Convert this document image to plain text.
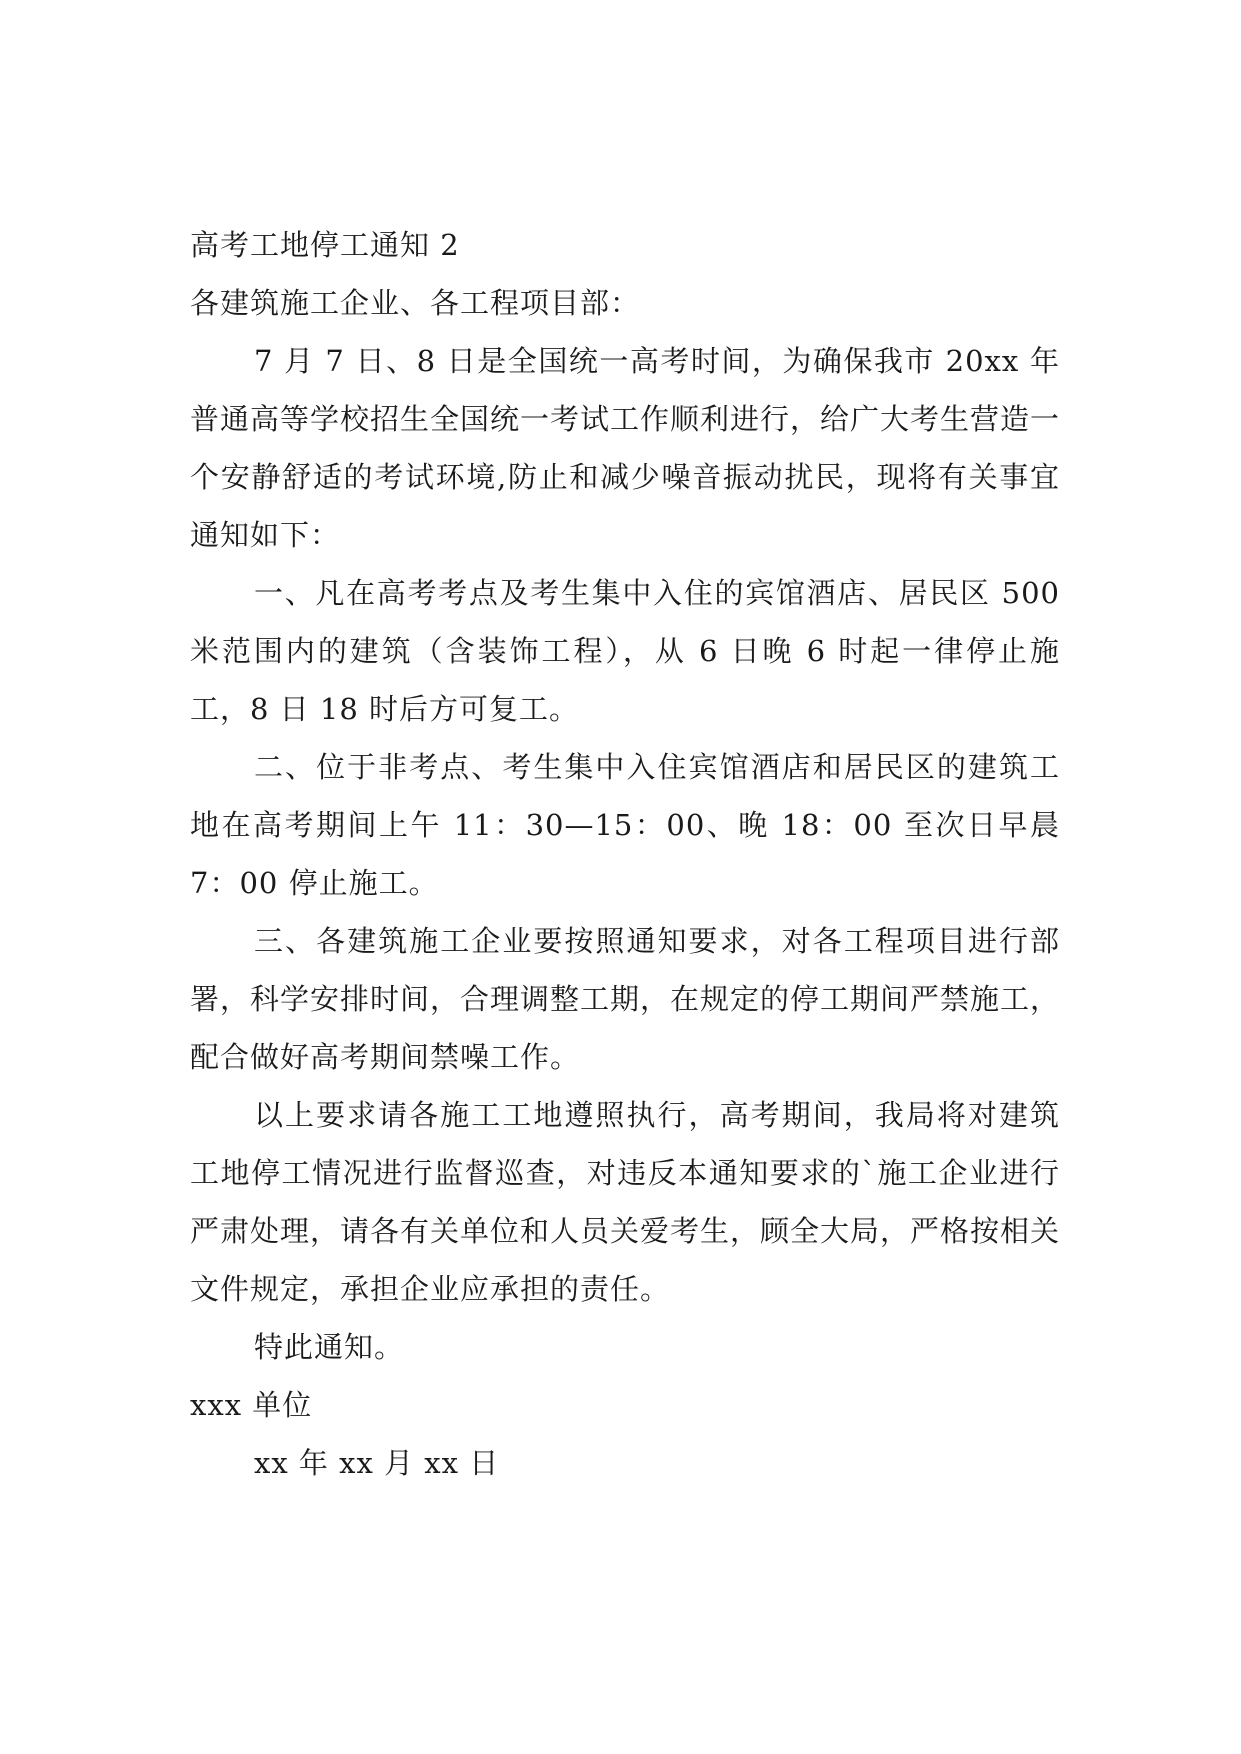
高考工地停工通知 2

各建筑施工企业、各工程项目部：

7 月 7 日、8 日是全国统一高考时间，为确保我市 20xx 年普通高等学校招生全国统一考试工作顺利进行，给广大考生营造一个安静舒适的考试环境,防止和减少噪音振动扰民，现将有关事宜通知如下：

一、凡在高考考点及考生集中入住的宾馆酒店、居民区 500 米范围内的建筑（含装饰工程），从 6 日晚 6 时起一律停止施工，8 日 18 时后方可复工。

二、位于非考点、考生集中入住宾馆酒店和居民区的建筑工地在高考期间上午 11：30—15：00、晚 18：00 至次日早晨 7：00 停止施工。

三、各建筑施工企业要按照通知要求，对各工程项目进行部署，科学安排时间，合理调整工期，在规定的停工期间严禁施工，配合做好高考期间禁噪工作。

以上要求请各施工工地遵照执行，高考期间，我局将对建筑工地停工情况进行监督巡查，对违反本通知要求的`施工企业进行严肃处理，请各有关单位和人员关爱考生，顾全大局，严格按相关文件规定，承担企业应承担的责任。

特此通知。

xxx 单位

xx 年 xx 月 xx 日
